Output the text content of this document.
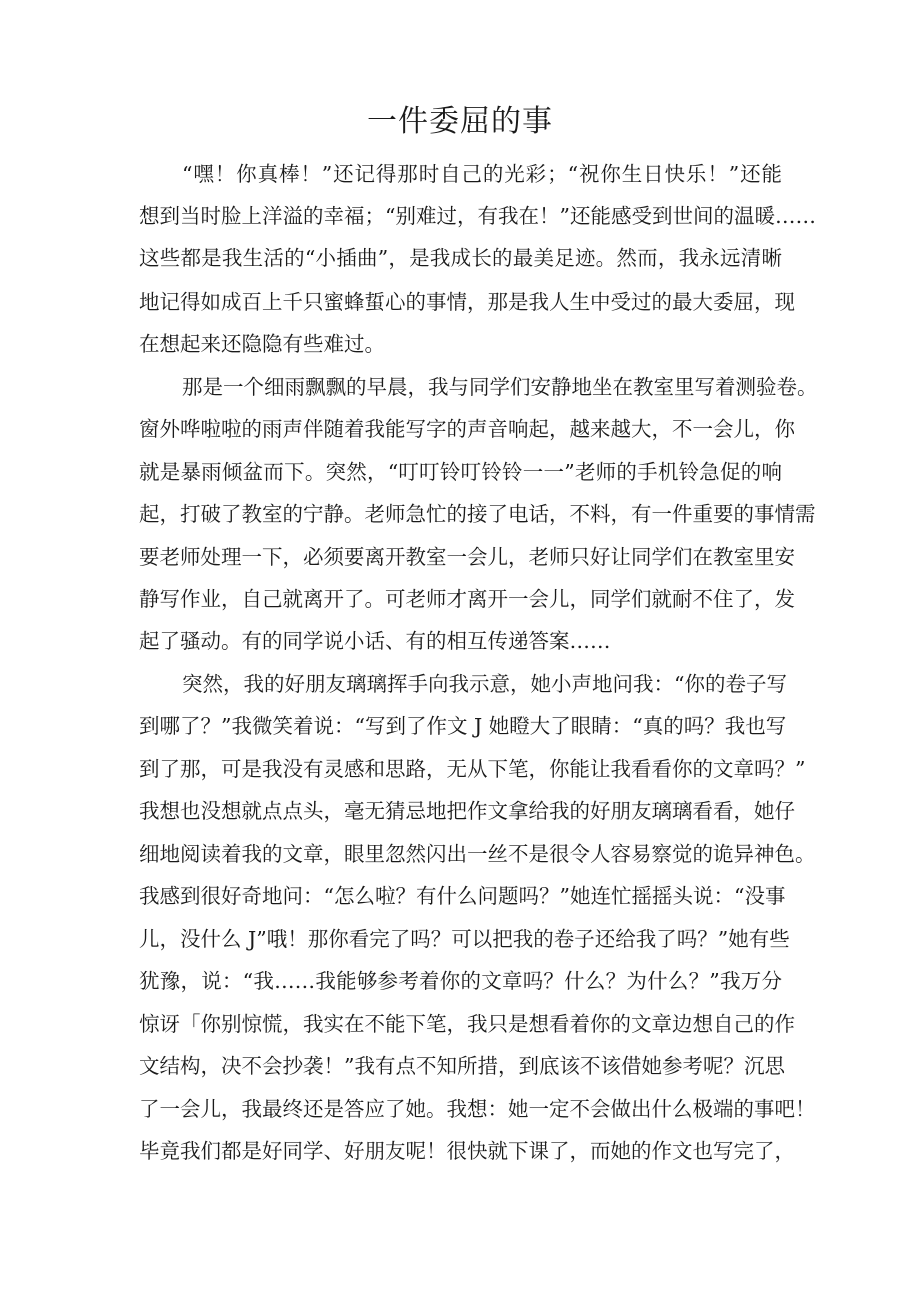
一件委屈的事

“嘿！你真棒！”还记得那时自己的光彩；“祝你生日快乐！”还能

想到当时脸上洋溢的幸福；“别难过，有我在！”还能感受到世间的温暖……

这些都是我生活的“小插曲”，是我成长的最美足迹。然而，我永远清晰

地记得如成百上千只蜜蜂蜇心的事情，那是我人生中受过的最大委屈，现

在想起来还隐隐有些难过。

那是一个细雨飘飘的早晨，我与同学们安静地坐在教室里写着测验卷。

窗外哗啦啦的雨声伴随着我能写字的声音响起，越来越大，不一会儿，你

就是暴雨倾盆而下。突然，“叮叮铃叮铃铃一一”老师的手机铃急促的响

起，打破了教室的宁静。老师急忙的接了电话，不料，有一件重要的事情需

要老师处理一下，必须要离开教室一会儿，老师只好让同学们在教室里安

静写作业，自己就离开了。可老师才离开一会儿，同学们就耐不住了，发

起了骚动。有的同学说小话、有的相互传递答案……

突然，我的好朋友璃璃挥手向我示意，她小声地问我：“你的卷子写

到哪了？”我微笑着说：“写到了作文 J 她瞪大了眼睛：“真的吗？我也写

到了那，可是我没有灵感和思路，无从下笔，你能让我看看你的文章吗？”

我想也没想就点点头，毫无猜忌地把作文拿给我的好朋友璃璃看看，她仔

细地阅读着我的文章，眼里忽然闪出一丝不是很令人容易察觉的诡异神色。

我感到很好奇地问：“怎么啦？有什么问题吗？”她连忙摇摇头说：“没事

儿，没什么 J”哦！那你看完了吗？可以把我的卷子还给我了吗？”她有些

犹豫，说：“我……我能够参考着你的文章吗？什么？为什么？”我万分

惊讶「你别惊慌，我实在不能下笔，我只是想看着你的文章边想自己的作

文结构，决不会抄袭！”我有点不知所措，到底该不该借她参考呢？沉思

了一会儿，我最终还是答应了她。我想：她一定不会做出什么极端的事吧！

毕竟我们都是好同学、好朋友呢！很快就下课了，而她的作文也写完了，
